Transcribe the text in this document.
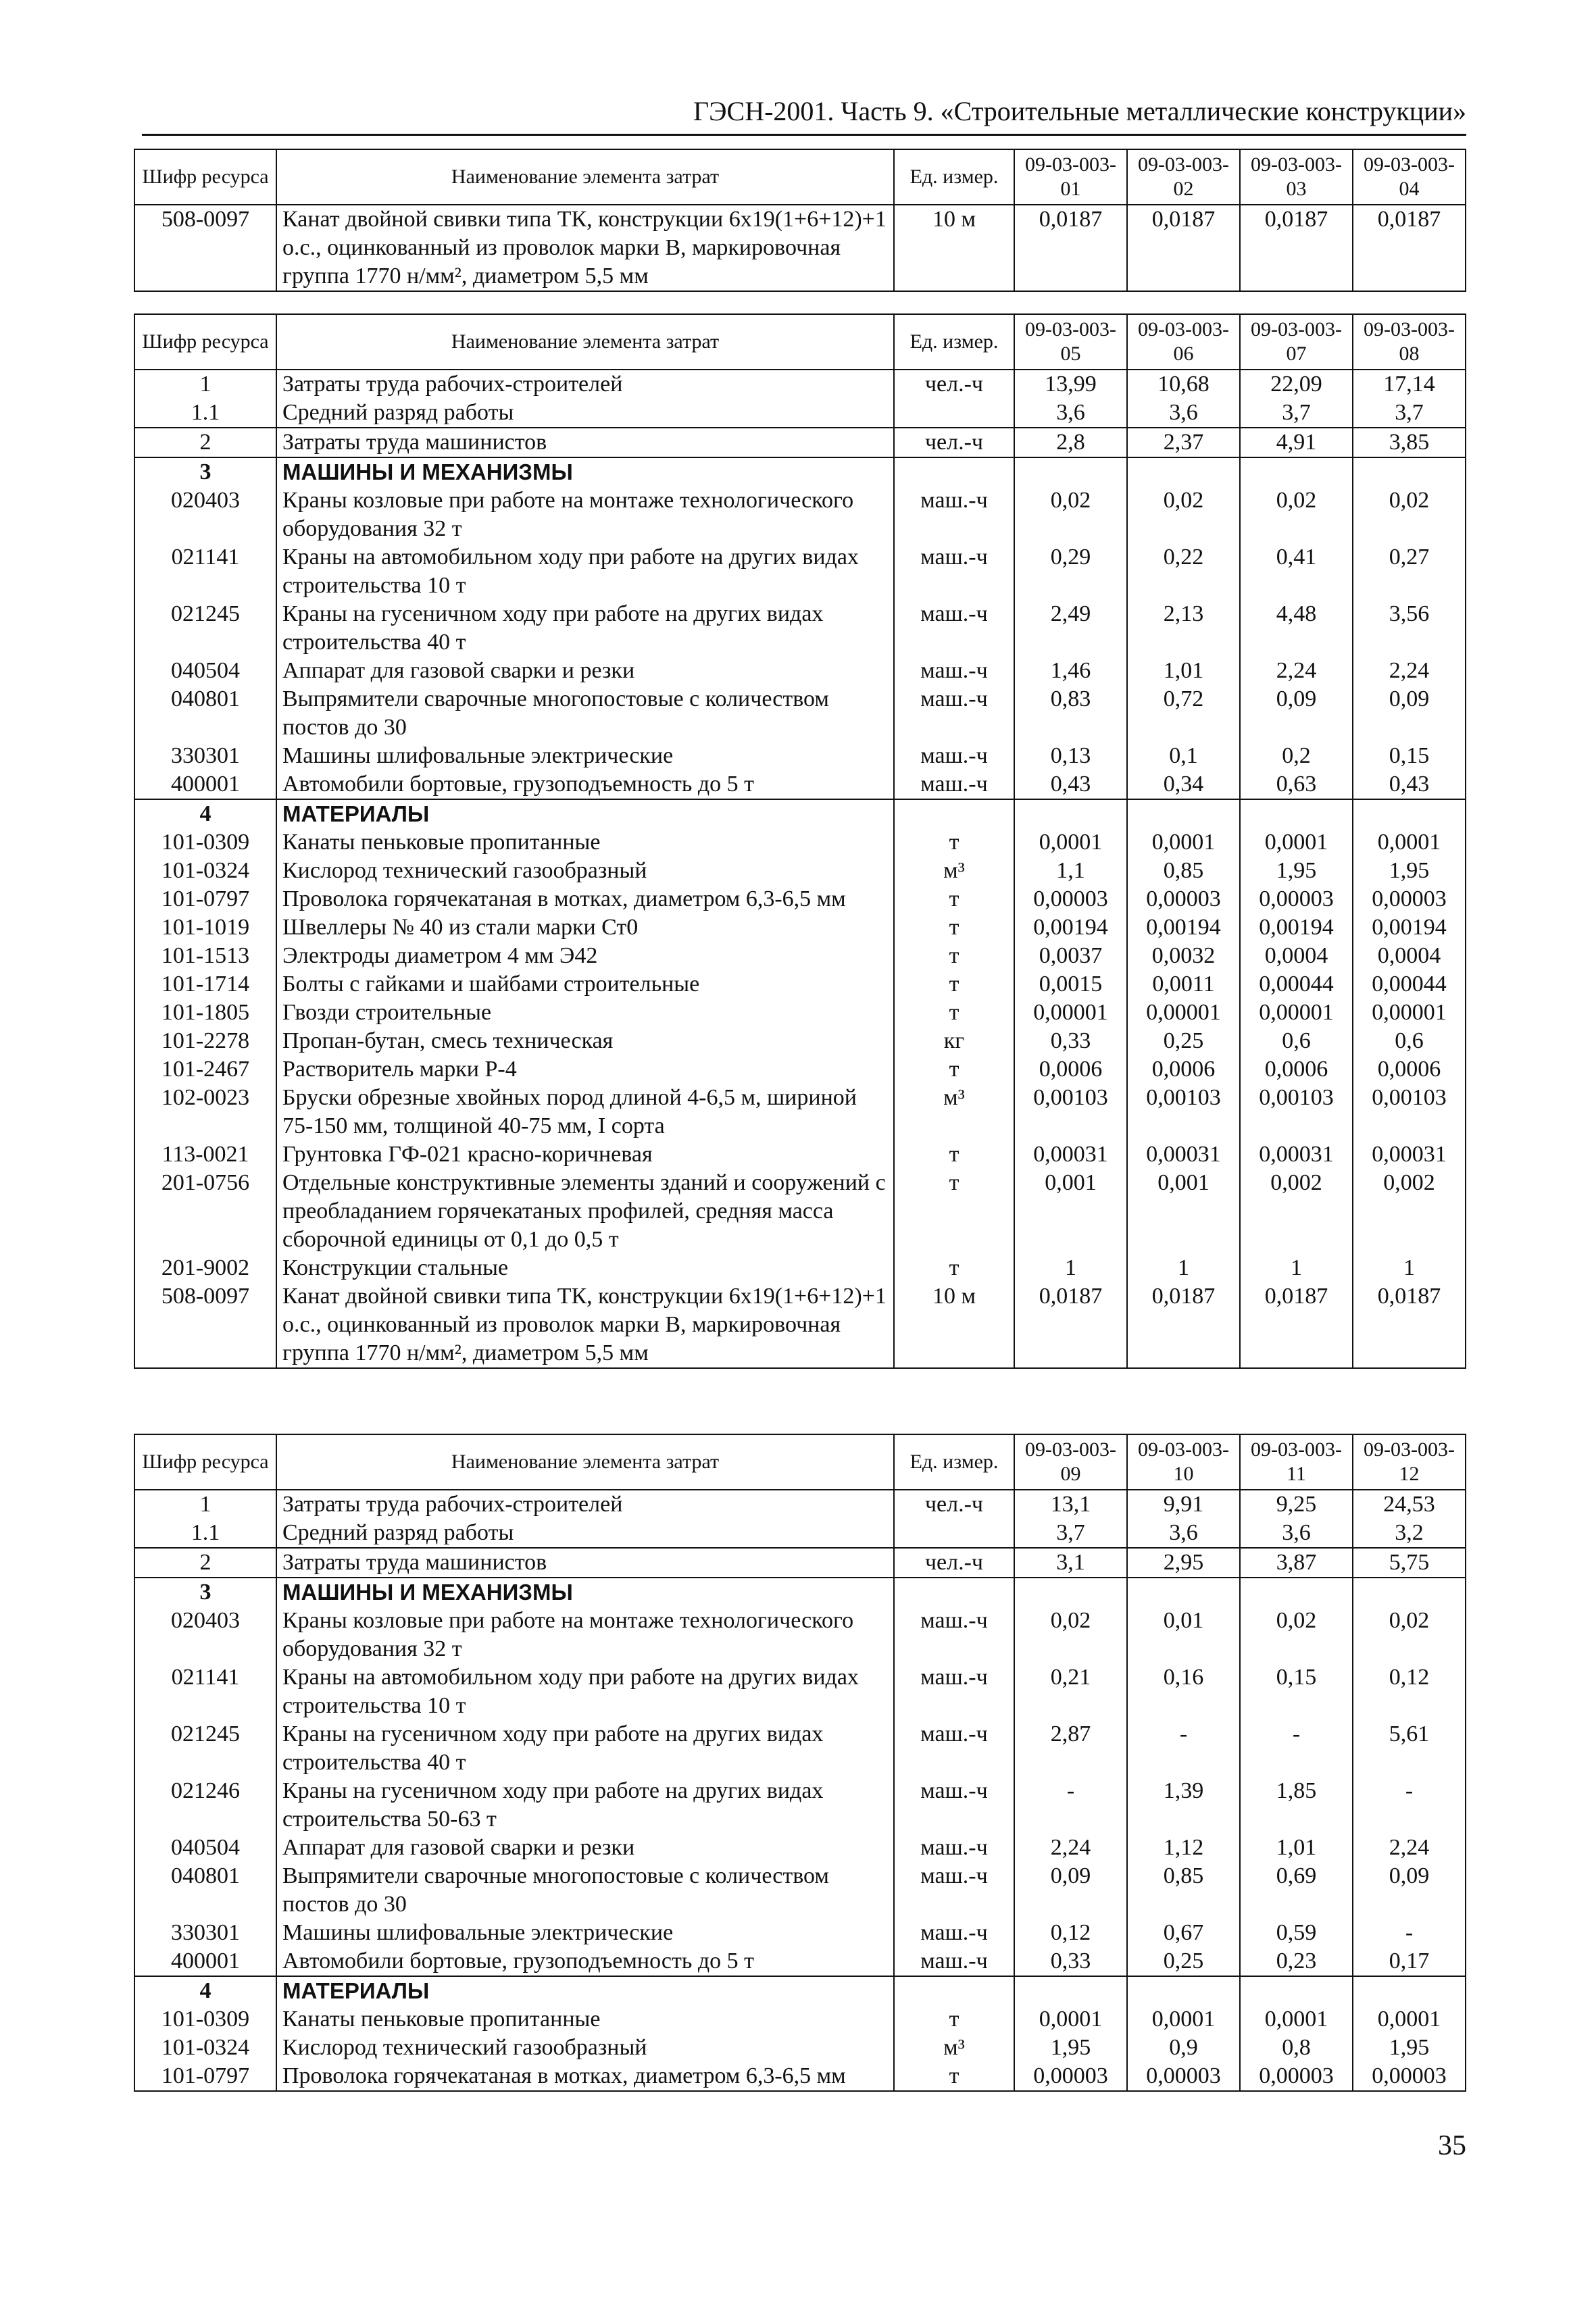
ГЭСН-2001. Часть 9. «Строительные металлические конструкции»
Шифр ресурса	Наименование элемента затрат	Ед. измер.	09-03-003-01	09-03-003-02	09-03-003-03	09-03-003-04
508-0097	Канат двойной свивки типа ТК, конструкции 6х19(1+6+12)+1 о.с., оцинкованный из проволок марки В, маркировочная группа 1770 н/мм², диаметром 5,5 мм	10 м	0,0187	0,0187	0,0187	0,0187
Шифр ресурса	Наименование элемента затрат	Ед. измер.	09-03-003-05	09-03-003-06	09-03-003-07	09-03-003-08
1	Затраты труда рабочих-строителей	чел.-ч	13,99	10,68	22,09	17,14
1.1	Средний разряд работы		3,6	3,6	3,7	3,7
2	Затраты труда машинистов	чел.-ч	2,8	2,37	4,91	3,85
3	МАШИНЫ И МЕХАНИЗМЫ					
020403	Краны козловые при работе на монтаже технологического оборудования 32 т	маш.-ч	0,02	0,02	0,02	0,02
021141	Краны на автомобильном ходу при работе на других видах строительства 10 т	маш.-ч	0,29	0,22	0,41	0,27
021245	Краны на гусеничном ходу при работе на других видах строительства 40 т	маш.-ч	2,49	2,13	4,48	3,56
040504	Аппарат для газовой сварки и резки	маш.-ч	1,46	1,01	2,24	2,24
040801	Выпрямители сварочные многопостовые с количеством постов до 30	маш.-ч	0,83	0,72	0,09	0,09
330301	Машины шлифовальные электрические	маш.-ч	0,13	0,1	0,2	0,15
400001	Автомобили бортовые, грузоподъемность до 5 т	маш.-ч	0,43	0,34	0,63	0,43
4	МАТЕРИАЛЫ					
101-0309	Канаты пеньковые пропитанные	т	0,0001	0,0001	0,0001	0,0001
101-0324	Кислород технический газообразный	м³	1,1	0,85	1,95	1,95
101-0797	Проволока горячекатаная в мотках, диаметром 6,3-6,5 мм	т	0,00003	0,00003	0,00003	0,00003
101-1019	Швеллеры № 40 из стали марки Ст0	т	0,00194	0,00194	0,00194	0,00194
101-1513	Электроды диаметром 4 мм Э42	т	0,0037	0,0032	0,0004	0,0004
101-1714	Болты с гайками и шайбами строительные	т	0,0015	0,0011	0,00044	0,00044
101-1805	Гвозди строительные	т	0,00001	0,00001	0,00001	0,00001
101-2278	Пропан-бутан, смесь техническая	кг	0,33	0,25	0,6	0,6
101-2467	Растворитель марки Р-4	т	0,0006	0,0006	0,0006	0,0006
102-0023	Бруски обрезные хвойных пород длиной 4-6,5 м, шириной 75-150 мм, толщиной 40-75 мм, I сорта	м³	0,00103	0,00103	0,00103	0,00103
113-0021	Грунтовка ГФ-021 красно-коричневая	т	0,00031	0,00031	0,00031	0,00031
201-0756	Отдельные конструктивные элементы зданий и сооружений с преобладанием горячекатаных профилей, средняя масса сборочной единицы от 0,1 до 0,5 т	т	0,001	0,001	0,002	0,002
201-9002	Конструкции стальные	т	1	1	1	1
508-0097	Канат двойной свивки типа ТК, конструкции 6х19(1+6+12)+1 о.с., оцинкованный из проволок марки В, маркировочная группа 1770 н/мм², диаметром 5,5 мм	10 м	0,0187	0,0187	0,0187	0,0187
Шифр ресурса	Наименование элемента затрат	Ед. измер.	09-03-003-09	09-03-003-10	09-03-003-11	09-03-003-12
1	Затраты труда рабочих-строителей	чел.-ч	13,1	9,91	9,25	24,53
1.1	Средний разряд работы		3,7	3,6	3,6	3,2
2	Затраты труда машинистов	чел.-ч	3,1	2,95	3,87	5,75
3	МАШИНЫ И МЕХАНИЗМЫ					
020403	Краны козловые при работе на монтаже технологического оборудования 32 т	маш.-ч	0,02	0,01	0,02	0,02
021141	Краны на автомобильном ходу при работе на других видах строительства 10 т	маш.-ч	0,21	0,16	0,15	0,12
021245	Краны на гусеничном ходу при работе на других видах строительства 40 т	маш.-ч	2,87	-	-	5,61
021246	Краны на гусеничном ходу при работе на других видах строительства 50-63 т	маш.-ч	-	1,39	1,85	-
040504	Аппарат для газовой сварки и резки	маш.-ч	2,24	1,12	1,01	2,24
040801	Выпрямители сварочные многопостовые с количеством постов до 30	маш.-ч	0,09	0,85	0,69	0,09
330301	Машины шлифовальные электрические	маш.-ч	0,12	0,67	0,59	-
400001	Автомобили бортовые, грузоподъемность до 5 т	маш.-ч	0,33	0,25	0,23	0,17
4	МАТЕРИАЛЫ					
101-0309	Канаты пеньковые пропитанные	т	0,0001	0,0001	0,0001	0,0001
101-0324	Кислород технический газообразный	м³	1,95	0,9	0,8	1,95
101-0797	Проволока горячекатаная в мотках, диаметром 6,3-6,5 мм	т	0,00003	0,00003	0,00003	0,00003
35
